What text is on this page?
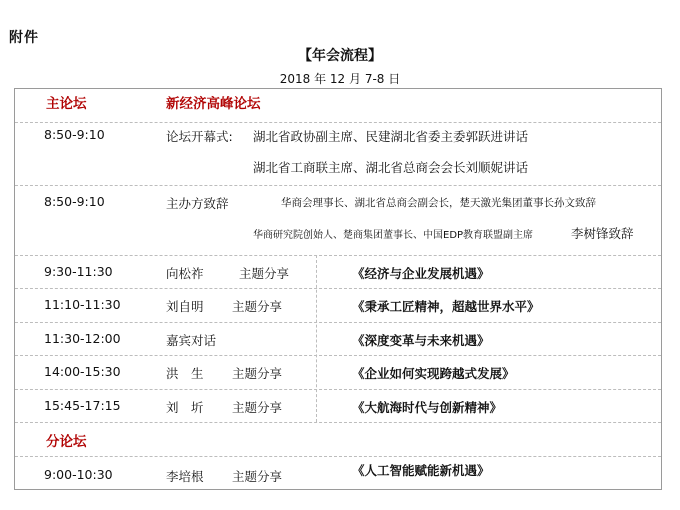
附件
【年会流程】
2018 年 12 月 7-8 日
主论坛	新经济高峰论坛
8:50-9:10	论坛开幕式: 湖北省政协副主席、民建湖北省委主委郭跃进讲话
湖北省工商联主席、湖北省总商会会长刘顺妮讲话
8:50-9:10	主办方致辞	华商会理事长、湖北省总商会副会长，楚天激光集团董事长孙文致辞
华商研究院创始人、楚商集团董事长、中国EDP教育联盟副主席	李树锋致辞
9:30-11:30	向松祚	主题分享	《经济与企业发展机遇》
11:10-11:30	刘自明 主题分享	《秉承工匠精神，超越世界水平》
11:30-12:00	嘉宾对话	《深度变革与未来机遇》
14:00-15:30	洪　生 主题分享	《企业如何实现跨越式发展》
15:45-17:15	刘　圻 主题分享	《大航海时代与创新精神》
分论坛
9:00-10:30	李培根 主题分享	《人工智能赋能新机遇》
